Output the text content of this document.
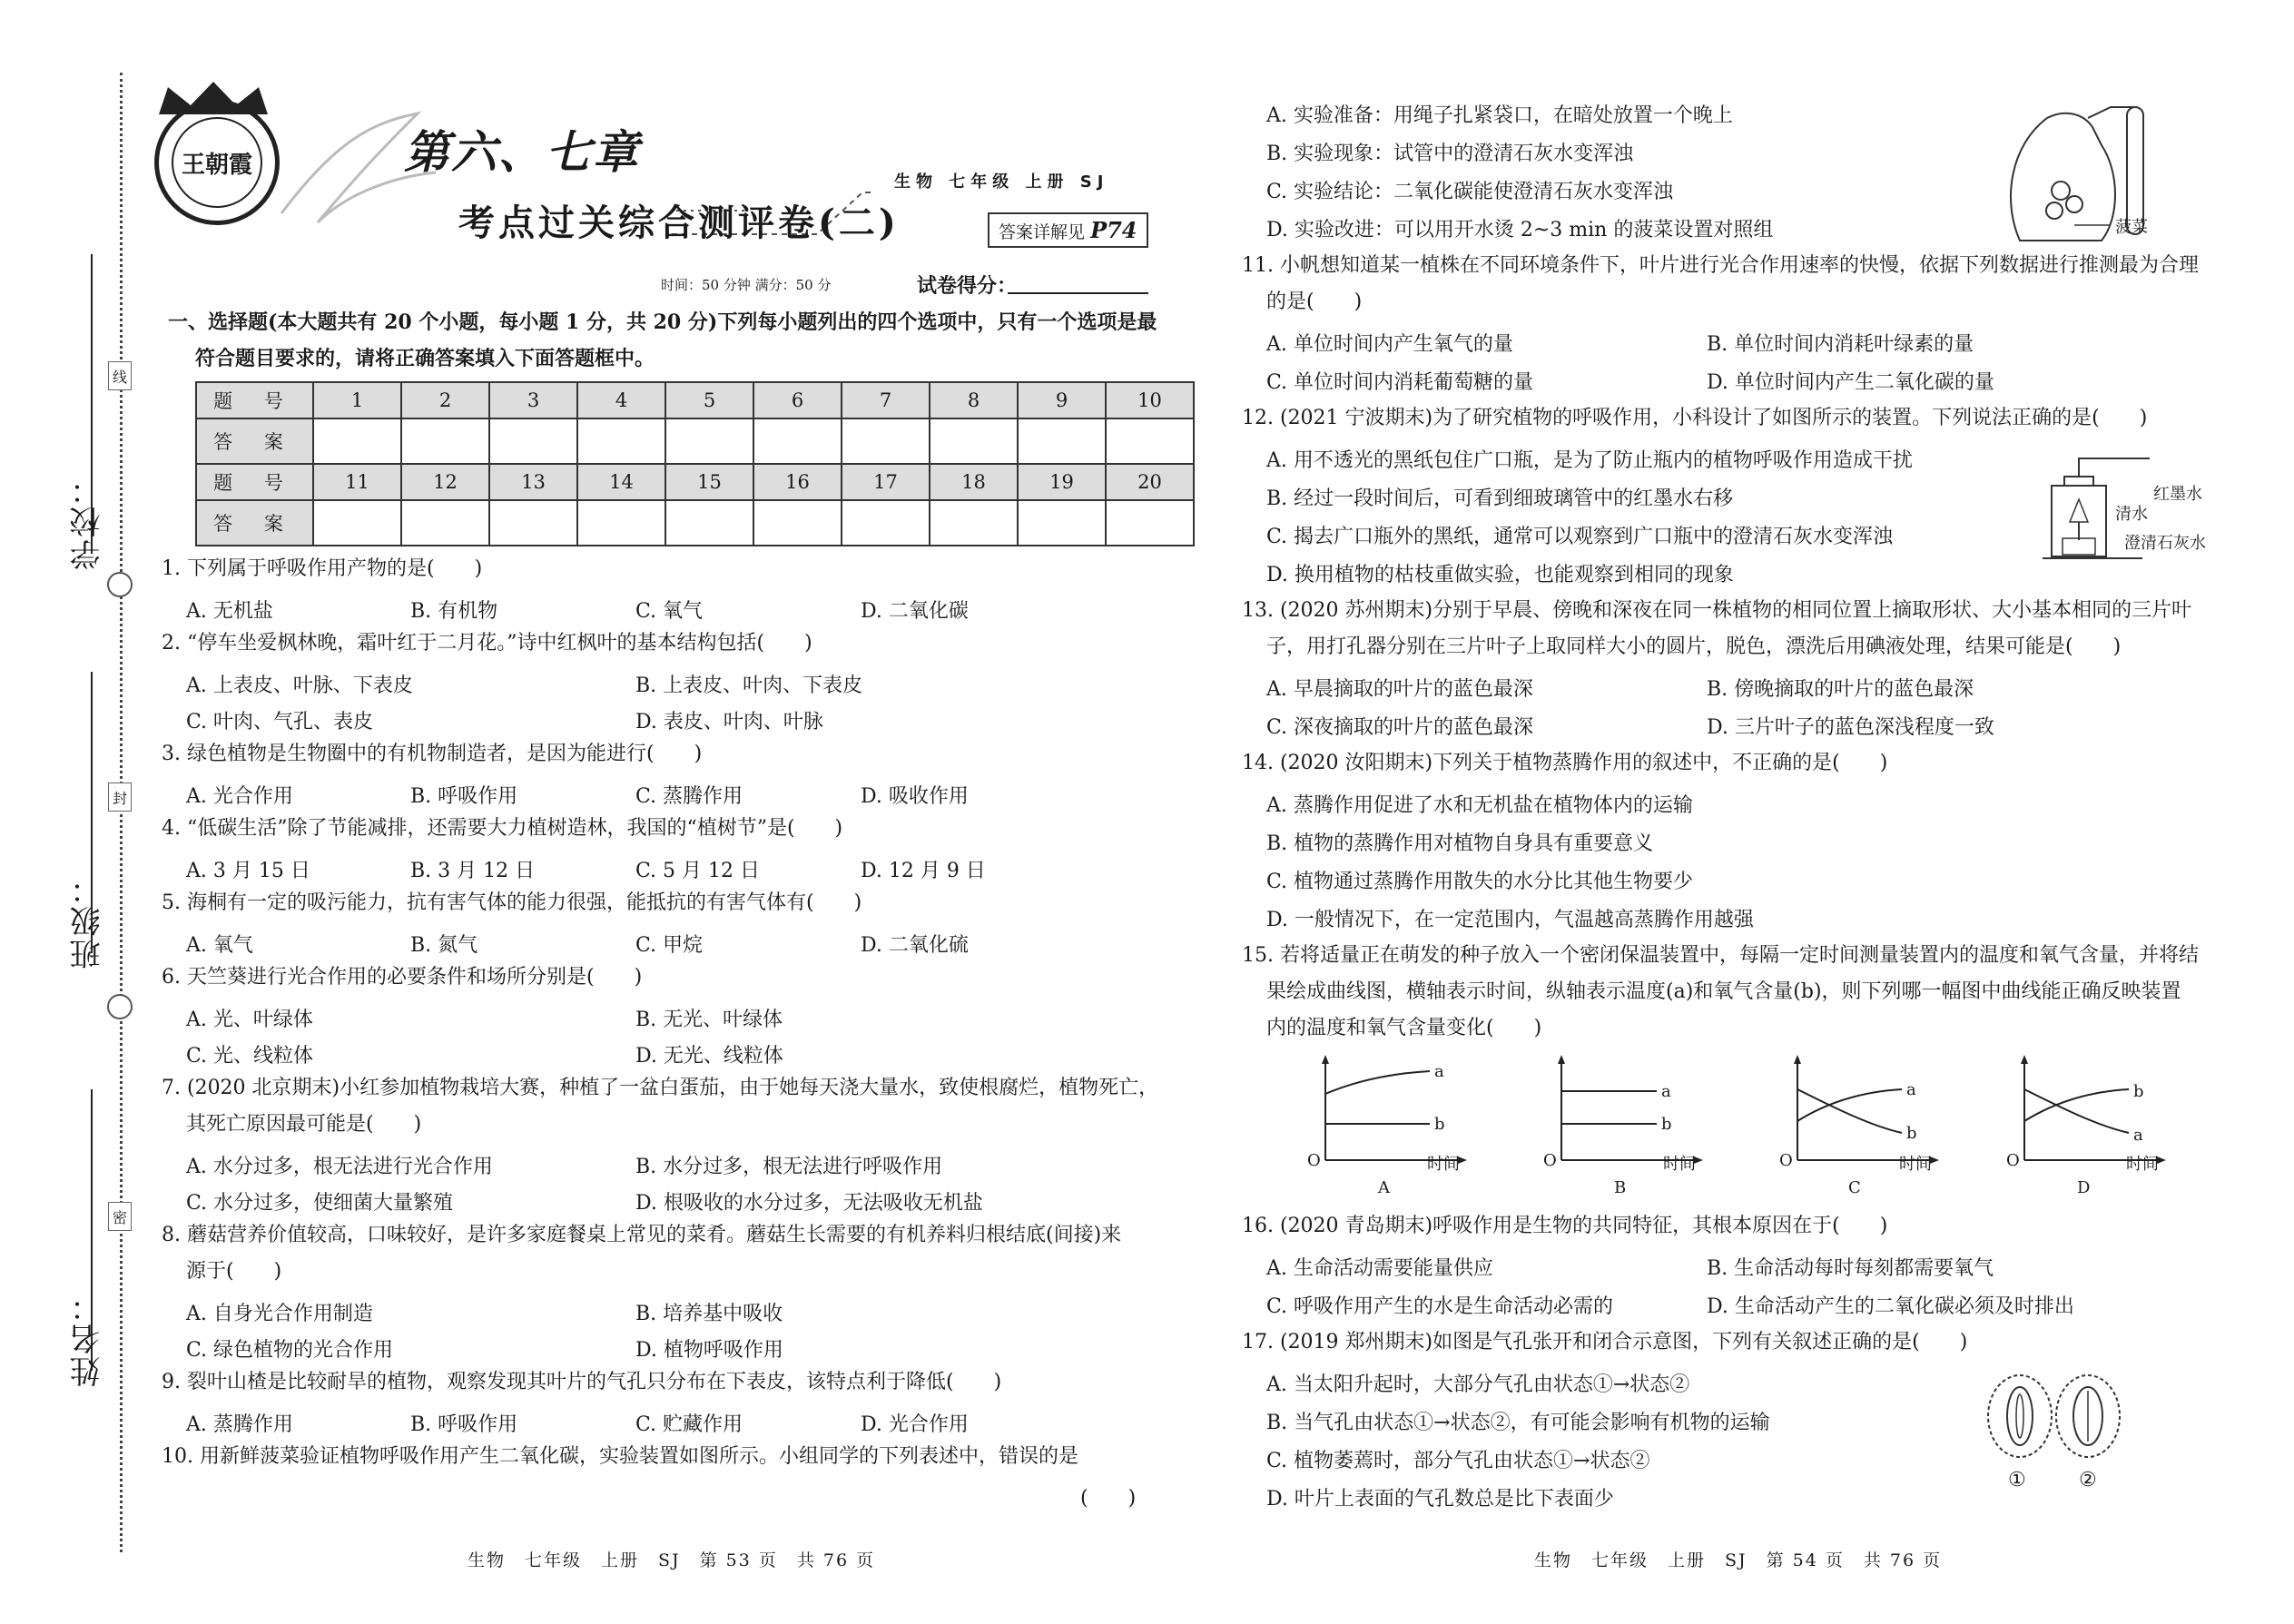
学校：
班级：
姓名：
线
封
密
王朝霞	第六、七章
考点过关综合测评卷(二)
生物 七年级 上册 SJ
答案详解见 P74
时间：50 分钟 满分：50 分	试卷得分：
一、选择题(本大题共有 20 个小题，每小题 1 分，共 20 分)下列每小题列出的四个选项中，只有一个选项是最
符合题目要求的，请将正确答案填入下面答题框中。
题 号	1	2	3	4	5	6	7	8	9	10
答 案										
题 号	11	12	13	14	15	16	17	18	19	20
答 案										
1. 下列属于呼吸作用产物的是(　　)
A. 无机盐	B. 有机物	C. 氧气	D. 二氧化碳
2. “停车坐爱枫林晚，霜叶红于二月花。”诗中红枫叶的基本结构包括(　　)
A. 上表皮、叶脉、下表皮	B. 上表皮、叶肉、下表皮
C. 叶肉、气孔、表皮	D. 表皮、叶肉、叶脉
3. 绿色植物是生物圈中的有机物制造者，是因为能进行(　　)
A. 光合作用	B. 呼吸作用	C. 蒸腾作用	D. 吸收作用
4. “低碳生活”除了节能减排，还需要大力植树造林，我国的“植树节”是(　　)
A. 3 月 15 日	B. 3 月 12 日	C. 5 月 12 日	D. 12 月 9 日
5. 海桐有一定的吸污能力，抗有害气体的能力很强，能抵抗的有害气体有(　　)
A. 氧气	B. 氮气	C. 甲烷	D. 二氧化硫
6. 天竺葵进行光合作用的必要条件和场所分别是(　　)
A. 光、叶绿体	B. 无光、叶绿体
C. 光、线粒体	D. 无光、线粒体
7. (2020 北京期末)小红参加植物栽培大赛，种植了一盆白蛋茄，由于她每天浇大量水，致使根腐烂，植物死亡，
其死亡原因最可能是(　　)
A. 水分过多，根无法进行光合作用	B. 水分过多，根无法进行呼吸作用
C. 水分过多，使细菌大量繁殖	D. 根吸收的水分过多，无法吸收无机盐
8. 蘑菇营养价值较高，口味较好，是许多家庭餐桌上常见的菜肴。蘑菇生长需要的有机养料归根结底(间接)来
源于(　　)
A. 自身光合作用制造	B. 培养基中吸收
C. 绿色植物的光合作用	D. 植物呼吸作用
9. 裂叶山楂是比较耐旱的植物，观察发现其叶片的气孔只分布在下表皮，该特点利于降低(　　)
A. 蒸腾作用	B. 呼吸作用	C. 贮藏作用	D. 光合作用
10. 用新鲜菠菜验证植物呼吸作用产生二氧化碳，实验装置如图所示。小组同学的下列表述中，错误的是
(　　)
生物　七年级　上册　SJ　第 53 页　共 76 页
A. 实验准备：用绳子扎紧袋口，在暗处放置一个晚上
B. 实验现象：试管中的澄清石灰水变浑浊
C. 实验结论：二氧化碳能使澄清石灰水变浑浊
D. 实验改进：可以用开水烫 2~3 min 的菠菜设置对照组	菠菜
11. 小帆想知道某一植株在不同环境条件下，叶片进行光合作用速率的快慢，依据下列数据进行推测最为合理
的是(　　)
A. 单位时间内产生氧气的量	B. 单位时间内消耗叶绿素的量
C. 单位时间内消耗葡萄糖的量	D. 单位时间内产生二氧化碳的量
12. (2021 宁波期末)为了研究植物的呼吸作用，小科设计了如图所示的装置。下列说法正确的是(　　)
A. 用不透光的黑纸包住广口瓶，是为了防止瓶内的植物呼吸作用造成干扰
B. 经过一段时间后，可看到细玻璃管中的红墨水右移
C. 揭去广口瓶外的黑纸，通常可以观察到广口瓶中的澄清石灰水变浑浊
D. 换用植物的枯枝重做实验，也能观察到相同的现象
红墨水
清水
澄清石灰水
13. (2020 苏州期末)分别于早晨、傍晚和深夜在同一株植物的相同位置上摘取形状、大小基本相同的三片叶
子，用打孔器分别在三片叶子上取同样大小的圆片，脱色，漂洗后用碘液处理，结果可能是(　　)
A. 早晨摘取的叶片的蓝色最深	B. 傍晚摘取的叶片的蓝色最深
C. 深夜摘取的叶片的蓝色最深	D. 三片叶子的蓝色深浅程度一致
14. (2020 汝阳期末)下列关于植物蒸腾作用的叙述中，不正确的是(　　)
A. 蒸腾作用促进了水和无机盐在植物体内的运输
B. 植物的蒸腾作用对植物自身具有重要意义
C. 植物通过蒸腾作用散失的水分比其他生物要少
D. 一般情况下，在一定范围内，气温越高蒸腾作用越强
15. 若将适量正在萌发的种子放入一个密闭保温装置中，每隔一定时间测量装置内的温度和氧气含量，并将结
果绘成曲线图，横轴表示时间，纵轴表示温度(a)和氧气含量(b)，则下列哪一幅图中曲线能正确反映装置
内的温度和氧气含量变化(　　)
a
b
O	时间
A
a
b
O	时间
B
a
b
O	时间
C
b
a
O	时间
D
16. (2020 青岛期末)呼吸作用是生物的共同特征，其根本原因在于(　　)
A. 生命活动需要能量供应	B. 生命活动每时每刻都需要氧气
C. 呼吸作用产生的水是生命活动必需的	D. 生命活动产生的二氧化碳必须及时排出
17. (2019 郑州期末)如图是气孔张开和闭合示意图，下列有关叙述正确的是(　　)
A. 当太阳升起时，大部分气孔由状态①→状态②
B. 当气孔由状态①→状态②，有可能会影响有机物的运输
C. 植物萎蔫时，部分气孔由状态①→状态②
D. 叶片上表面的气孔数总是比下表面少
①	②
生物　七年级　上册　SJ　第 54 页　共 76 页
